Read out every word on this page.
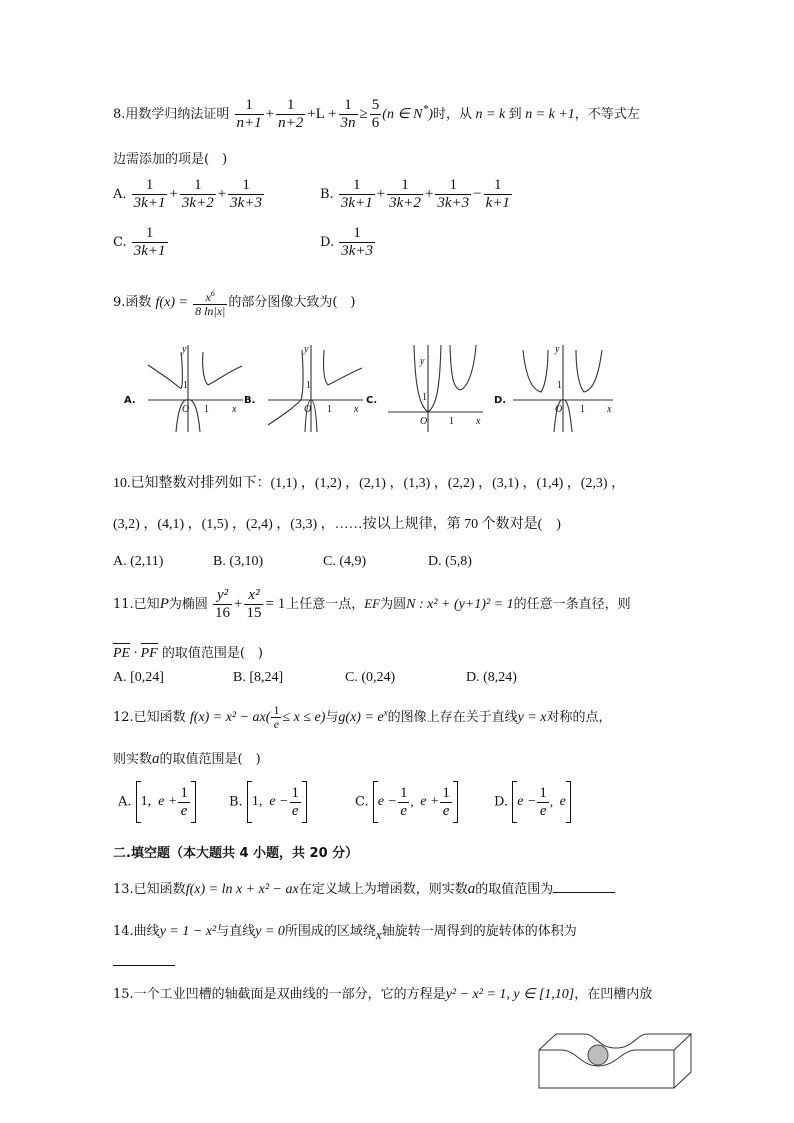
8.用数学归纳法证明 $\frac{1}{n+1} + \frac{1}{n+2} +L + \frac{1}{3n} \ge \frac{5}{6} (n$ ∈ N*)时，从 n = k 到 n = k +1，不等式左
边需添加的项是(　)
A. $\frac{1}{3k+1} + \frac{1}{3k+2} + \frac{1}{3k+3}$	B. $\frac{1}{3k+1} + \frac{1}{3k+2} + \frac{1}{3k+3} - \frac{1}{k+1}$
C. $\frac{1}{3k+1}$	D. $\frac{1}{3k+3}$
9.函数 $f(x) = \frac{x^6}{8 \ln|x|}$ 的部分图像大致为(　)
A.	B.	C.	D.
O 1 x
y
1
O 1 x
y
1
O 1 x
y
1
O 1 x
y
1
10.已知整数对排列如下：(1,1) ，(1,2) ，(2,1) ，(1,3) ，(2,2) ，(3,1) ，(1,4) ，(2,3) ，
(3,2) ，(4,1) ，(1,5) ，(2,4) ，(3,3) ，……按以上规律，第 70 个数对是(　)
A. (2,11)	B. (3,10)	C. (4,9)	D. (5,8)
11.已知P为椭圆 $\frac{\text{y²}}{16} + \frac{\text{x²}}{15} = 1$上任意一点，EF为圆N : x² + (y+1)² = 1的任意一条直径，则
PE · PF 的取值范围是(　)
A. [0,24]	B. [8,24]	C. (0,24)	D. (8,24)
12.已知函数 $f(x) = x^2 - ax( \frac{1}{e} \le x \le e)$与$g(x) = e^x$的图像上存在关于直线y = x对称的点，
则实数a的取值范围是(　)
A. 1,  $e + \frac{1}{e}$	B. 1,  $e - \frac{1}{e}$	C. $e - \frac{1}{e}$ ,  $e + \frac{1}{e}$	D. $e - \frac{1}{e}$ ,  e
二.填空题（本大题共 4 小题，共 20 分）
13.已知函数f(x) = ln x + x² − ax在定义域上为增函数，则实数a的取值范围为
14.曲线y = 1 − x²与直线y = 0所围成的区域绕x轴旋转一周得到的旋转体的体积为
15.一个工业凹槽的轴截面是双曲线的一部分，它的方程是y² − x² = 1, y ∈ [1,10]，在凹槽内放
